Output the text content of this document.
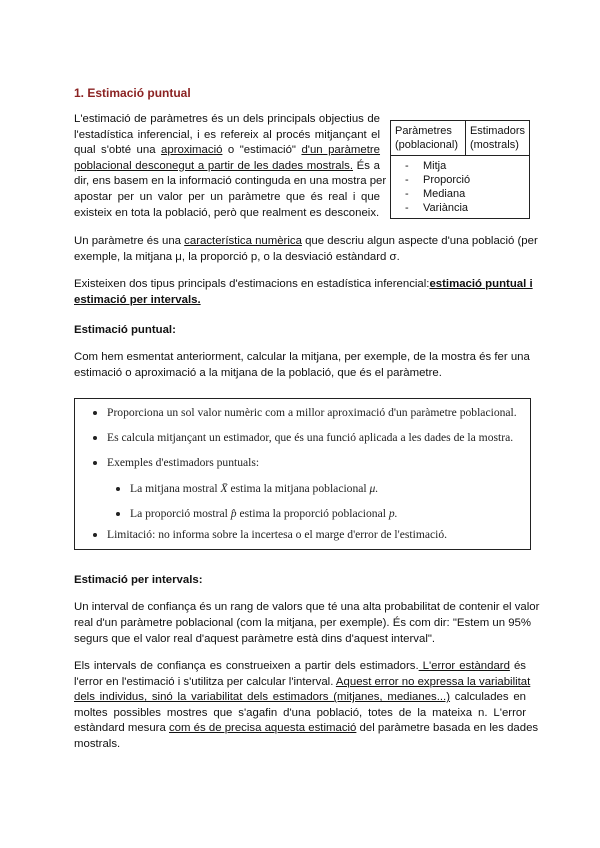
1. Estimació puntual
L'estimació de paràmetres és un dels principals objectius de
l'estadística inferencial, i es refereix al procés mitjançant el
qual s'obté una aproximació o "estimació" d'un paràmetre
poblacional desconegut a partir de les dades mostrals. És a
dir, ens basem en la informació continguda en una mostra per
apostar per un valor per un paràmetre que és real i que
existeix en tota la població, però que realment es desconeix.
Paràmetres (poblacional)	Estimadors (mostrals)

- Mitja
- Proporció
- Mediana
- Variància
Un paràmetre és una característica numèrica que descriu algun aspecte d'una població (per
exemple, la mitjana μ, la proporció p, o la desviació estàndard σ.
Existeixen dos tipus principals d'estimacions en estadística inferencial:estimació puntual i
estimació per intervals.
Estimació puntual:
Com hem esmentat anteriorment, calcular la mitjana, per exemple, de la mostra és fer una
estimació o aproximació a la mitjana de la població, que és el paràmetre.
Proporciona un sol valor numèric com a millor aproximació d'un paràmetre poblacional.
Es calcula mitjançant un estimador, que és una funció aplicada a les dades de la mostra.
Exemples d'estimadors puntuals:
La mitjana mostral X̄ estima la mitjana poblacional μ.
La proporció mostral p̂ estima la proporció poblacional p.
Limitació: no informa sobre la incertesa o el marge d'error de l'estimació.
Estimació per intervals:
Un interval de confiança és un rang de valors que té una alta probabilitat de contenir el valor
real d'un paràmetre poblacional (com la mitjana, per exemple). És com dir: "Estem un 95%
segurs que el valor real d'aquest paràmetre està dins d'aquest interval".
Els intervals de confiança es construeixen a partir dels estimadors. L'error estàndard és
l'error en l'estimació i s'utilitza per calcular l'interval. Aquest error no expressa la variabilitat
dels individus, sinó la variabilitat dels estimadors (mitjanes, medianes...) calculades en
moltes possibles mostres que s'agafin d'una població, totes de la mateixa n. L'error
estàndard mesura com és de precisa aquesta estimació del paràmetre basada en les dades
mostrals.
